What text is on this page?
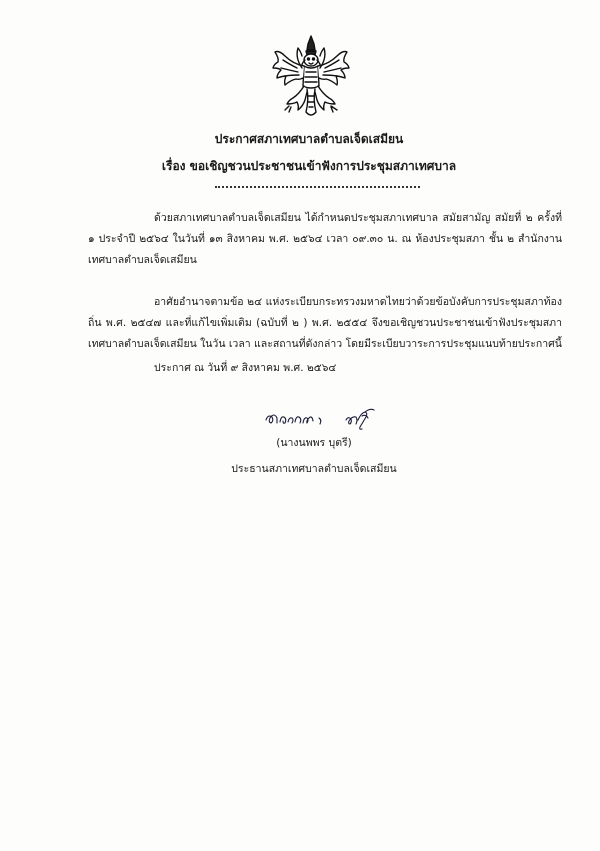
ประกาศสภาเทศบาลตำบลเจ็ดเสมียน
เรื่อง ขอเชิญชวนประชาชนเข้าฟังการประชุมสภาเทศบาล

ด้วยสภาเทศบาลตำบลเจ็ดเสมียน ได้กำหนดประชุมสภาเทศบาล สมัยสามัญ สมัยที่ ๒ ครั้งที่ ๑ ประจำปี ๒๕๖๔ ในวันที่ ๑๓ สิงหาคม พ.ศ. ๒๕๖๔ เวลา ๐๙.๓๐ น. ณ ห้องประชุมสภา ชั้น ๒ สำนักงานเทศบาลตำบลเจ็ดเสมียน

อาศัยอำนาจตามข้อ ๒๔ แห่งระเบียบกระทรวงมหาดไทยว่าด้วยข้อบังคับการประชุมสภาท้องถิ่น พ.ศ. ๒๕๔๗ และที่แก้ไขเพิ่มเติม (ฉบับที่ ๒ ) พ.ศ. ๒๕๕๔ จึงขอเชิญชวนประชาชนเข้าฟังประชุมสภาเทศบาลตำบลเจ็ดเสมียน ในวัน เวลา และสถานที่ดังกล่าว โดยมีระเบียบวาระการประชุมแนบท้ายประกาศนี้

ประกาศ ณ วันที่ ๙ สิงหาคม พ.ศ. ๒๕๖๔
(นางนพพร บุตรี)
ประธานสภาเทศบาลตำบลเจ็ดเสมียน
